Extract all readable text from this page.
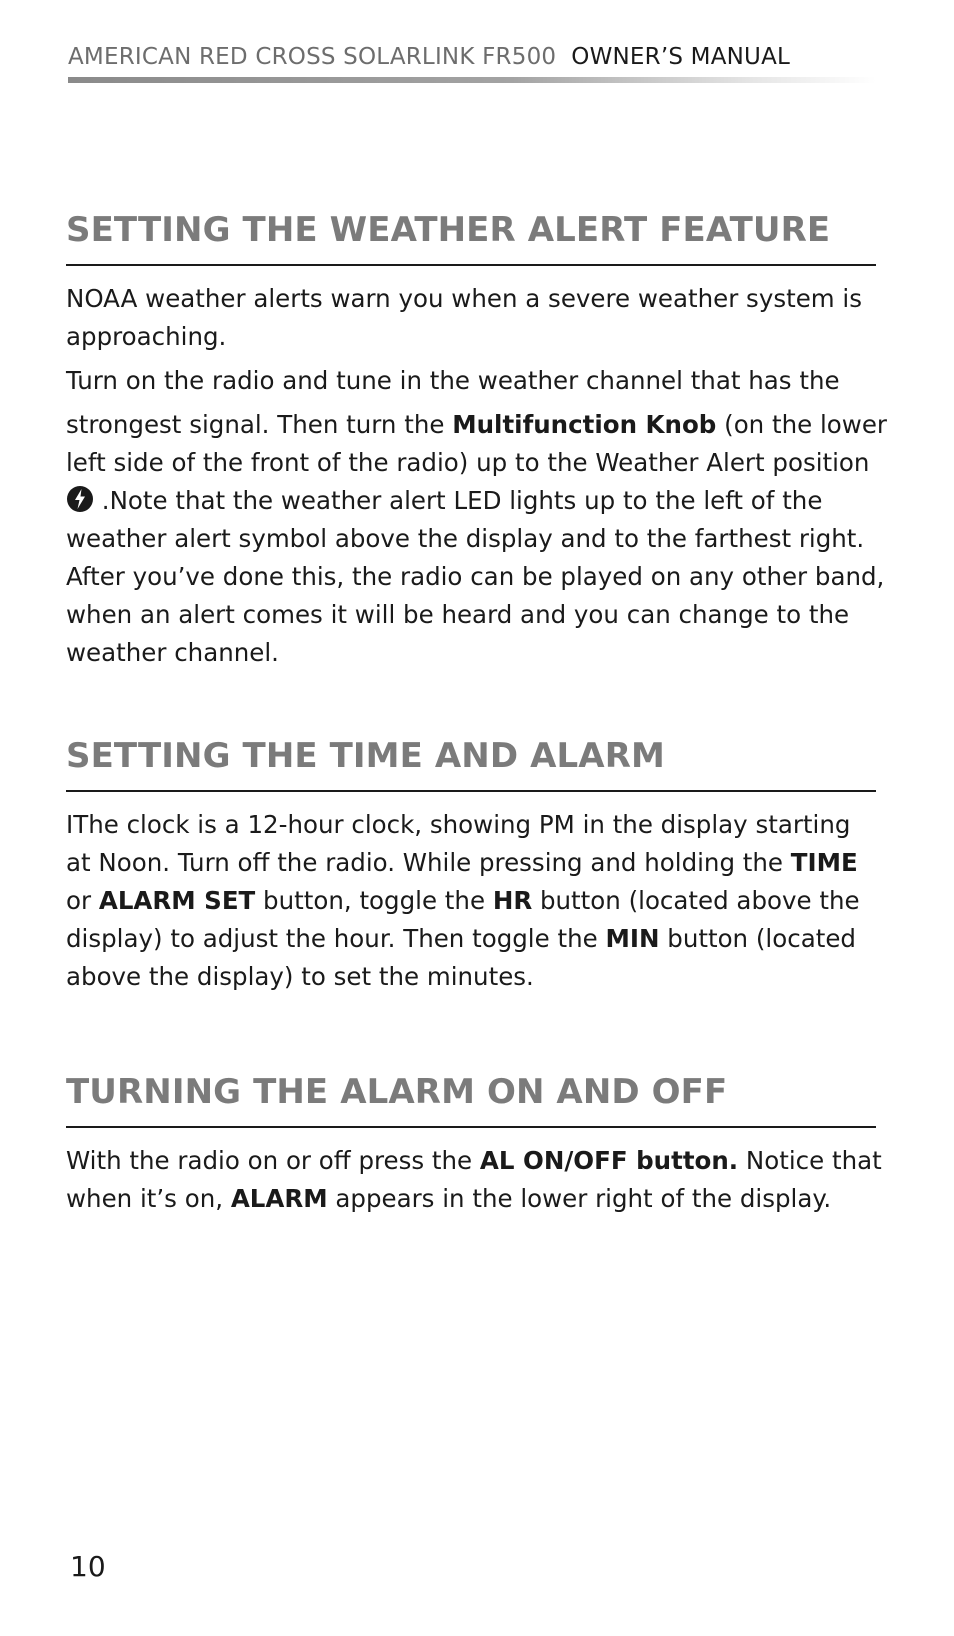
AMERICAN RED CROSS SOLARLINK FR500 OWNER’S MANUAL
SETTING THE WEATHER ALERT FEATURE

NOAA weather alerts warn you when a severe weather system is

approaching.

Turn on the radio and tune in the weather channel that has the

strongest signal. Then turn the Multifunction Knob (on the lower

left side of the front of the radio) up to the Weather Alert position

.Note that the weather alert LED lights up to the left of the

weather alert symbol above the display and to the farthest right.

After you’ve done this, the radio can be played on any other band,

when an alert comes it will be heard and you can change to the

weather channel.

SETTING THE TIME AND ALARM

IThe clock is a 12-hour clock, showing PM in the display starting

at Noon. Turn off the radio. While pressing and holding the TIME

or ALARM SET button, toggle the HR button (located above the

display) to adjust the hour. Then toggle the MIN button (located

above the display) to set the minutes.

TURNING THE ALARM ON AND OFF

With the radio on or off press the AL ON/OFF button. Notice that

when it’s on, ALARM appears in the lower right of the display.

10
